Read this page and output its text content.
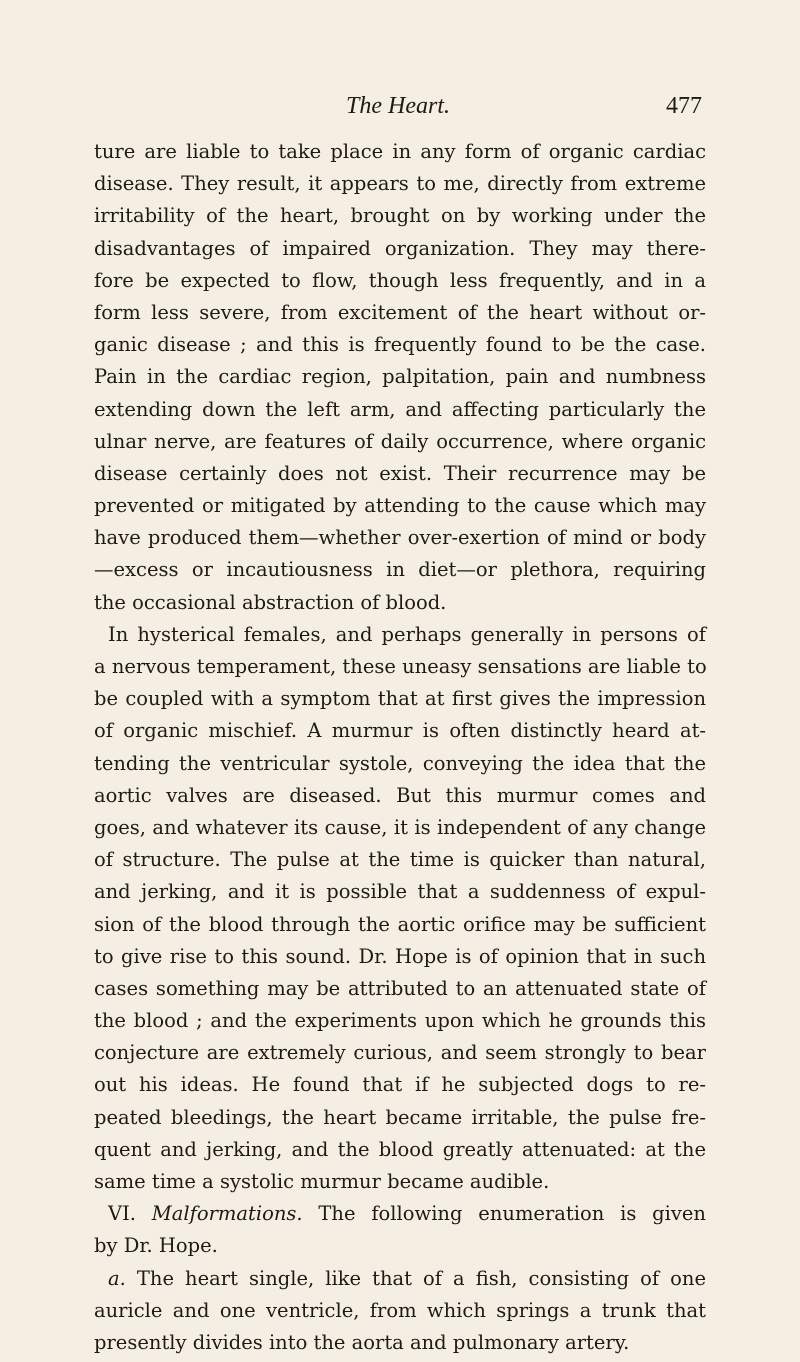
The Heart.	477
ture are liable to take place in any form of organic cardiac
disease. They result, it appears to me, directly from extreme
irritability of the heart, brought on by working under the
disadvantages of impaired organization. They may there-
fore be expected to flow, though less frequently, and in a
form less severe, from excitement of the heart without or-
ganic disease ; and this is frequently found to be the case.
Pain in the cardiac region, palpitation, pain and numbness
extending down the left arm, and affecting particularly the
ulnar nerve, are features of daily occurrence, where organic
disease certainly does not exist. Their recurrence may be
prevented or mitigated by attending to the cause which may
have produced them—whether over-exertion of mind or body
—excess or incautiousness in diet—or plethora, requiring
the occasional abstraction of blood.
In hysterical females, and perhaps generally in persons of
a nervous temperament, these uneasy sensations are liable to
be coupled with a symptom that at first gives the impression
of organic mischief. A murmur is often distinctly heard at-
tending the ventricular systole, conveying the idea that the
aortic valves are diseased. But this murmur comes and
goes, and whatever its cause, it is independent of any change
of structure. The pulse at the time is quicker than natural,
and jerking, and it is possible that a suddenness of expul-
sion of the blood through the aortic orifice may be sufficient
to give rise to this sound. Dr. Hope is of opinion that in such
cases something may be attributed to an attenuated state of
the blood ; and the experiments upon which he grounds this
conjecture are extremely curious, and seem strongly to bear
out his ideas. He found that if he subjected dogs to re-
peated bleedings, the heart became irritable, the pulse fre-
quent and jerking, and the blood greatly attenuated: at the
same time a systolic murmur became audible.
VI. Malformations. The following enumeration is given
by Dr. Hope.
a. The heart single, like that of a fish, consisting of one
auricle and one ventricle, from which springs a trunk that
presently divides into the aorta and pulmonary artery.
